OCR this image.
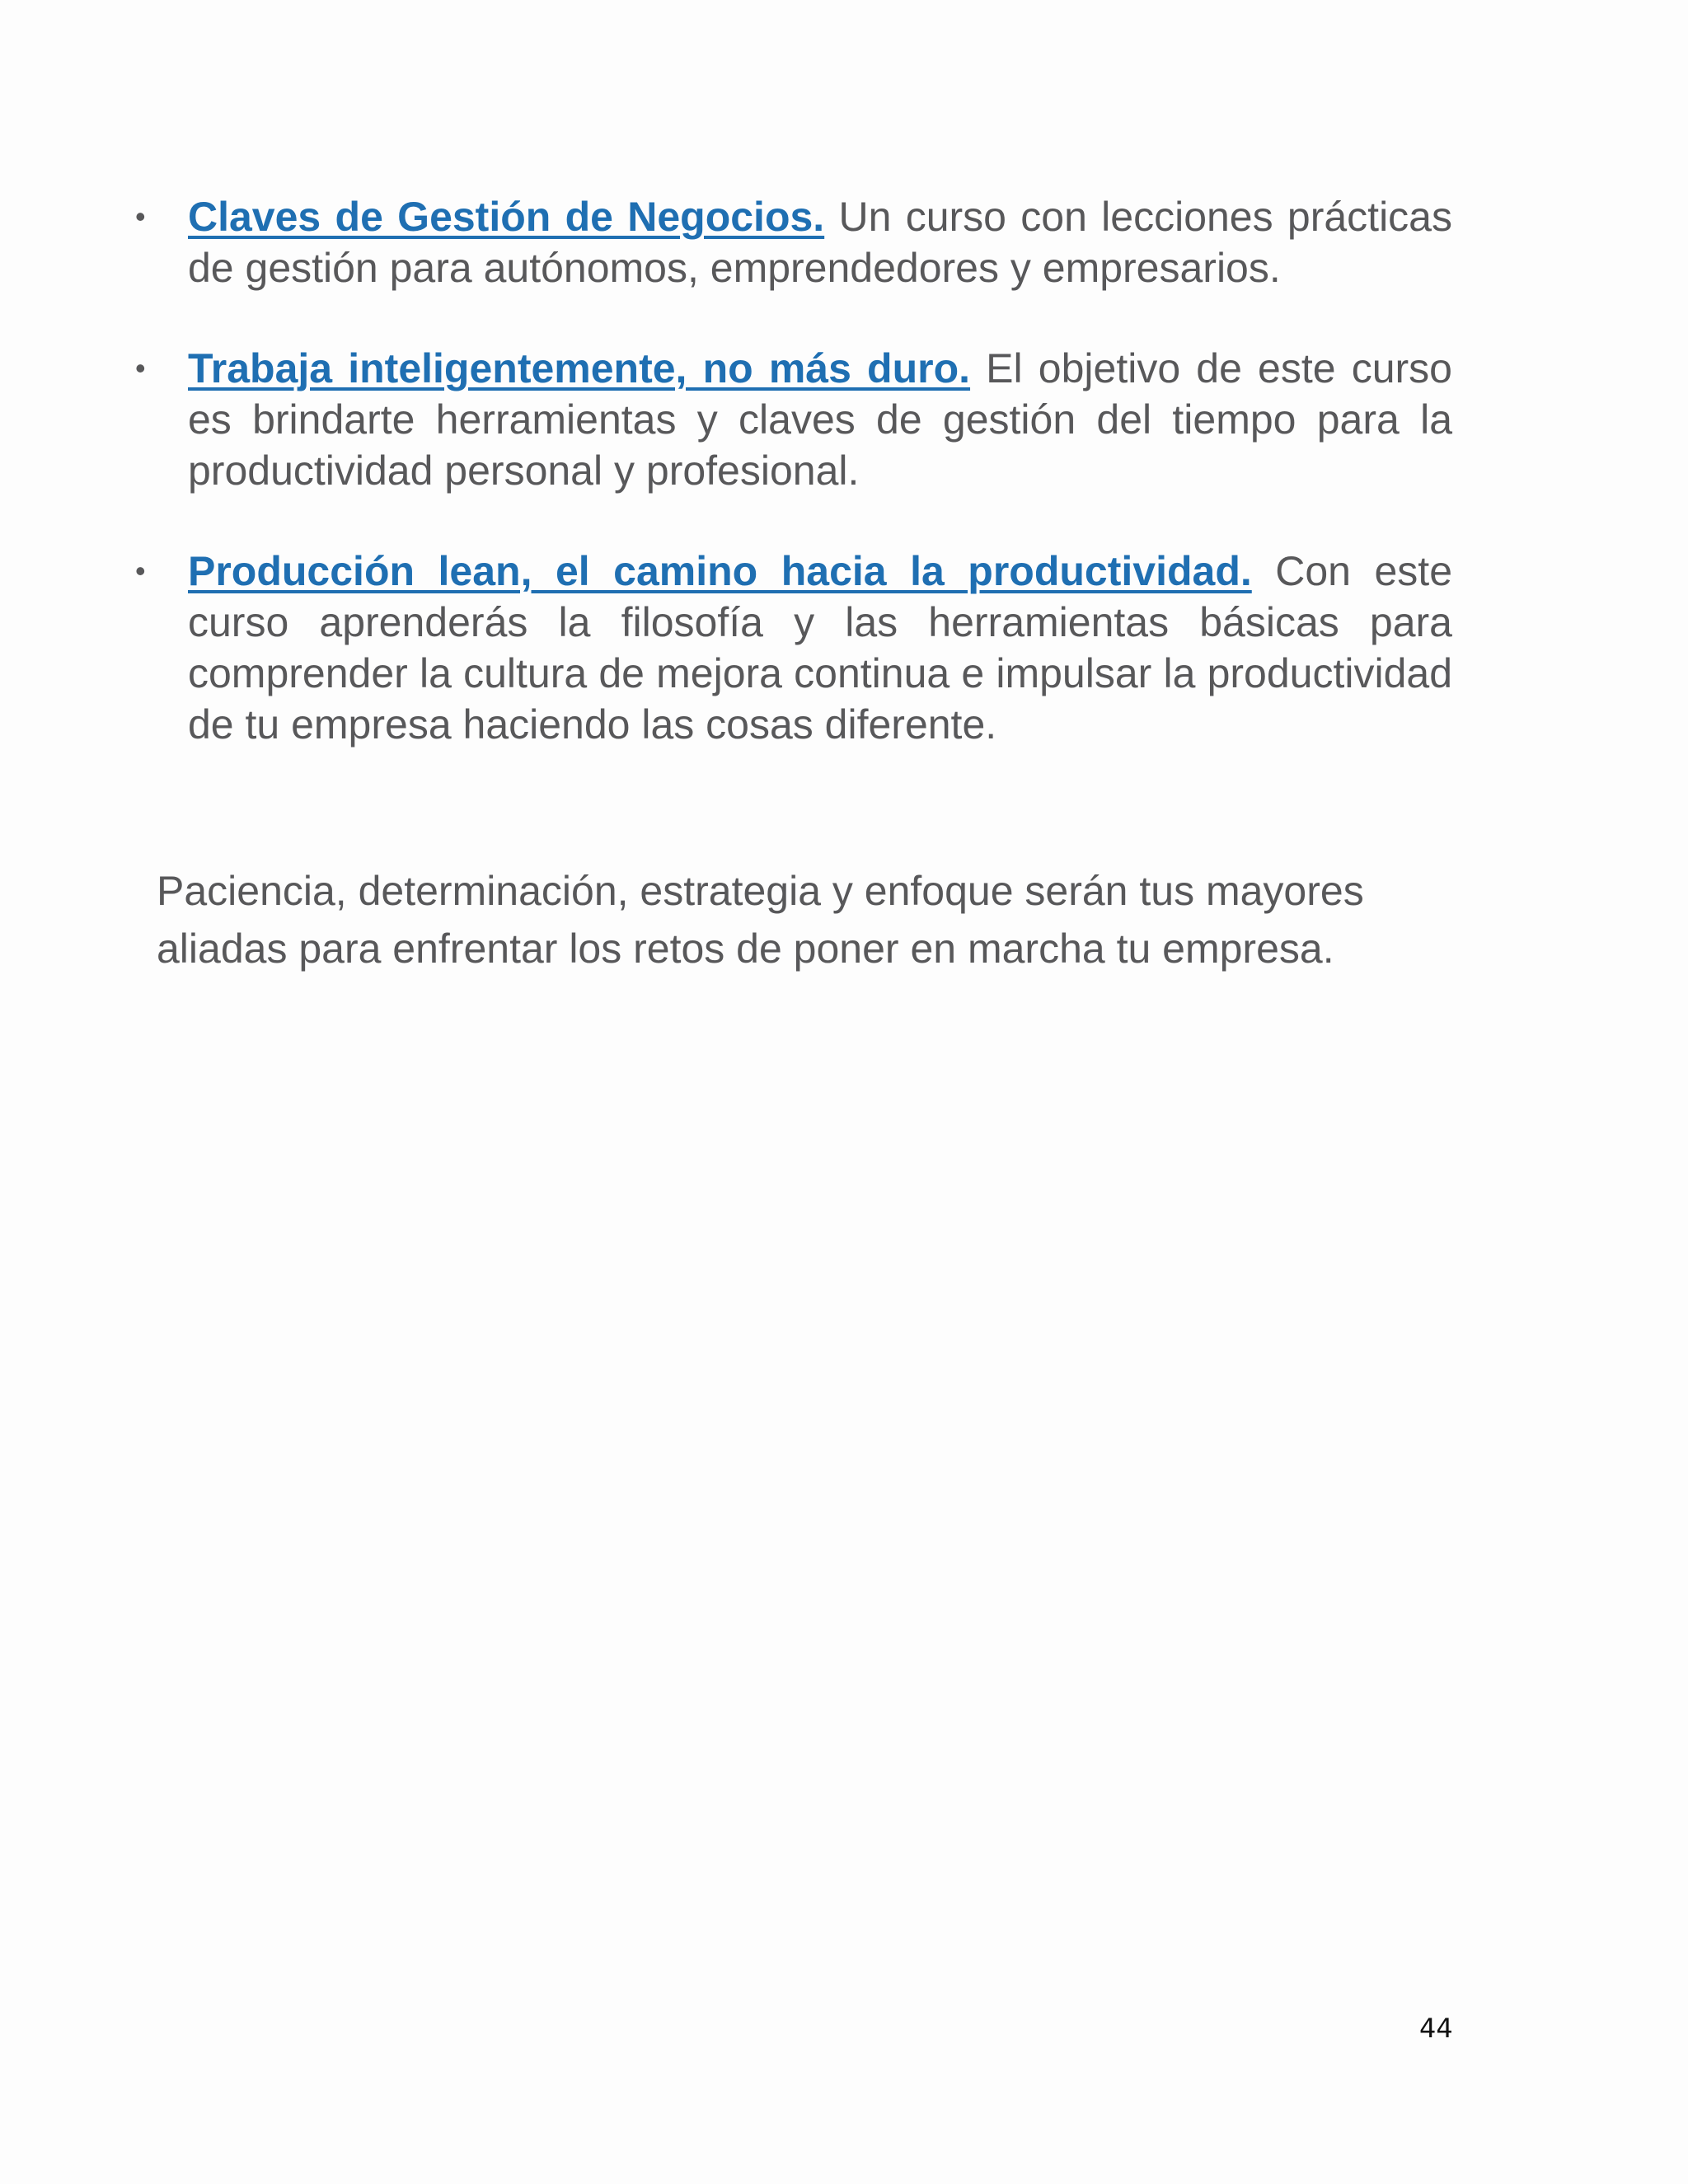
• Claves de Gestión de Negocios. Un curso con lecciones prácticas de gestión para autónomos, emprendedores y empresarios.
• Trabaja inteligentemente, no más duro. El objetivo de este curso es brindarte herramientas y claves de gestión del tiempo para la productividad personal y profesional.
• Producción lean, el camino hacia la productividad. Con este curso aprenderás la filosofía y las herramientas básicas para comprender la cultura de mejora continua e impulsar la productividad de tu empresa haciendo las cosas diferente.

Paciencia, determinación, estrategia y enfoque serán tus mayores aliadas para enfrentar los retos de poner en marcha tu empresa.

44
